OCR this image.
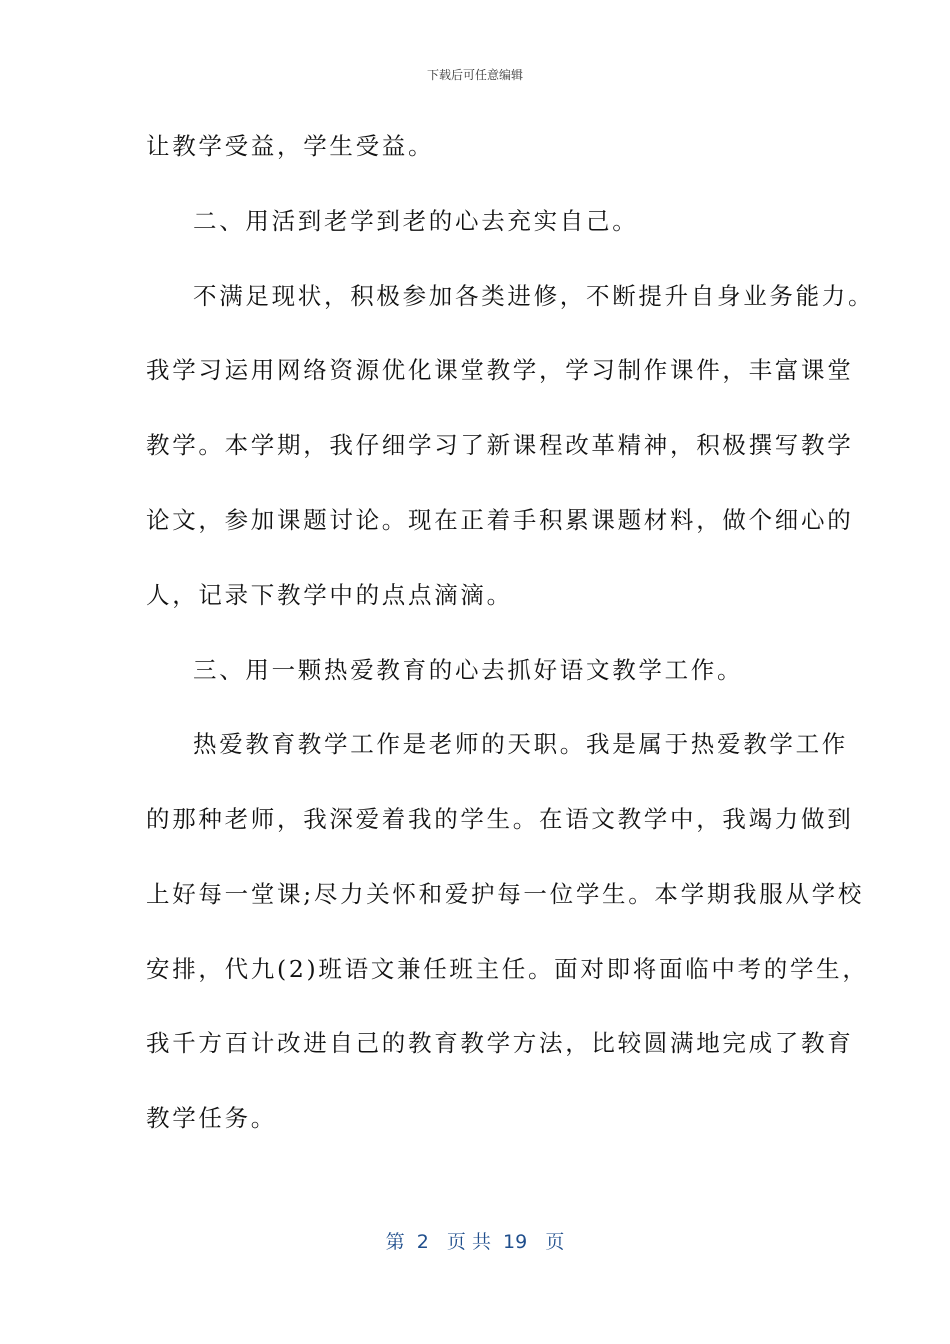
下载后可任意编辑
让教学受益，学生受益。
二、用活到老学到老的心去充实自己。
不满足现状，积极参加各类进修，不断提升自身业务能力。
我学习运用网络资源优化课堂教学，学习制作课件，丰富课堂
教学。本学期，我仔细学习了新课程改革精神，积极撰写教学
论文，参加课题讨论。现在正着手积累课题材料，做个细心的
人，记录下教学中的点点滴滴。
三、用一颗热爱教育的心去抓好语文教学工作。
热爱教育教学工作是老师的天职。我是属于热爱教学工作
的那种老师，我深爱着我的学生。在语文教学中，我竭力做到
上好每一堂课;尽力关怀和爱护每一位学生。本学期我服从学校
安排，代九(2)班语文兼任班主任。面对即将面临中考的学生，
我千方百计改进自己的教育教学方法，比较圆满地完成了教育
教学任务。
第  2   页 共  19   页
